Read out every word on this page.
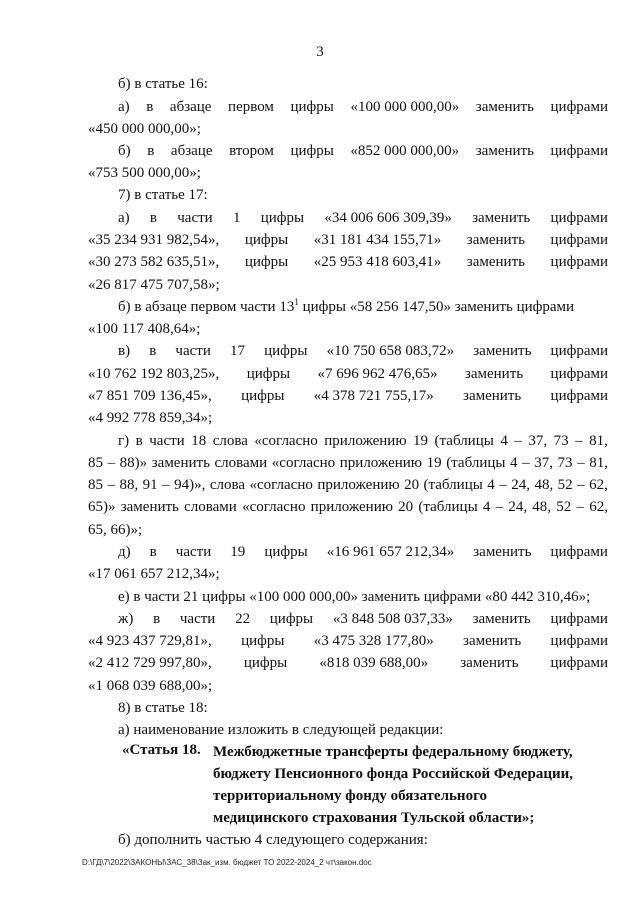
3
б) в статье 16:
а) в абзаце первом цифры «100 000 000,00» заменить цифрами
«450 000 000,00»;
б) в абзаце втором цифры «852 000 000,00» заменить цифрами
«753 500 000,00»;
7) в статье 17:
а) в части 1 цифры «34 006 606 309,39» заменить цифрами
«35 234 931 982,54», цифры «31 181 434 155,71» заменить цифрами
«30 273 582 635,51», цифры «25 953 418 603,41» заменить цифрами
«26 817 475 707,58»;
б) в абзаце первом части $13^1$ цифры «58 256 147,50» заменить цифрами
«100 117 408,64»;
в) в части 17 цифры «10 750 658 083,72» заменить цифрами
«10 762 192 803,25», цифры «7 696 962 476,65» заменить цифрами
«7 851 709 136,45», цифры «4 378 721 755,17» заменить цифрами
«4 992 778 859,34»;
г) в части 18 слова «согласно приложению 19 (таблицы 4 – 37, 73 – 81,
85 – 88)» заменить словами «согласно приложению 19 (таблицы 4 – 37, 73 – 81,
85 – 88, 91 – 94)», слова «согласно приложению 20 (таблицы 4 – 24, 48, 52 – 62,
65)» заменить словами «согласно приложению 20 (таблицы 4 – 24, 48, 52 – 62,
65, 66)»;
д) в части 19 цифры «16 961 657 212,34» заменить цифрами
«17 061 657 212,34»;
е) в части 21 цифры «100 000 000,00» заменить цифрами «80 442 310,46»;
ж) в части 22 цифры «3 848 508 037,33» заменить цифрами
«4 923 437 729,81», цифры «3 475 328 177,80» заменить цифрами
«2 412 729 997,80», цифры «818 039 688,00» заменить цифрами
«1 068 039 688,00»;
8) в статье 18:
а) наименование изложить в следующей редакции:
«Статья 18. Межбюджетные трансферты федеральному бюджету,
бюджету Пенсионного фонда Российской Федерации,
территориальному фонду обязательного
медицинского страхования Тульской области»;
б) дополнить частью 4 следующего содержания:
D:\ГД\7\2022\ЗАКОНЫ\ЗАС_38\Зак_изм. бюджет ТО 2022-2024_2 чт\закон.doc
